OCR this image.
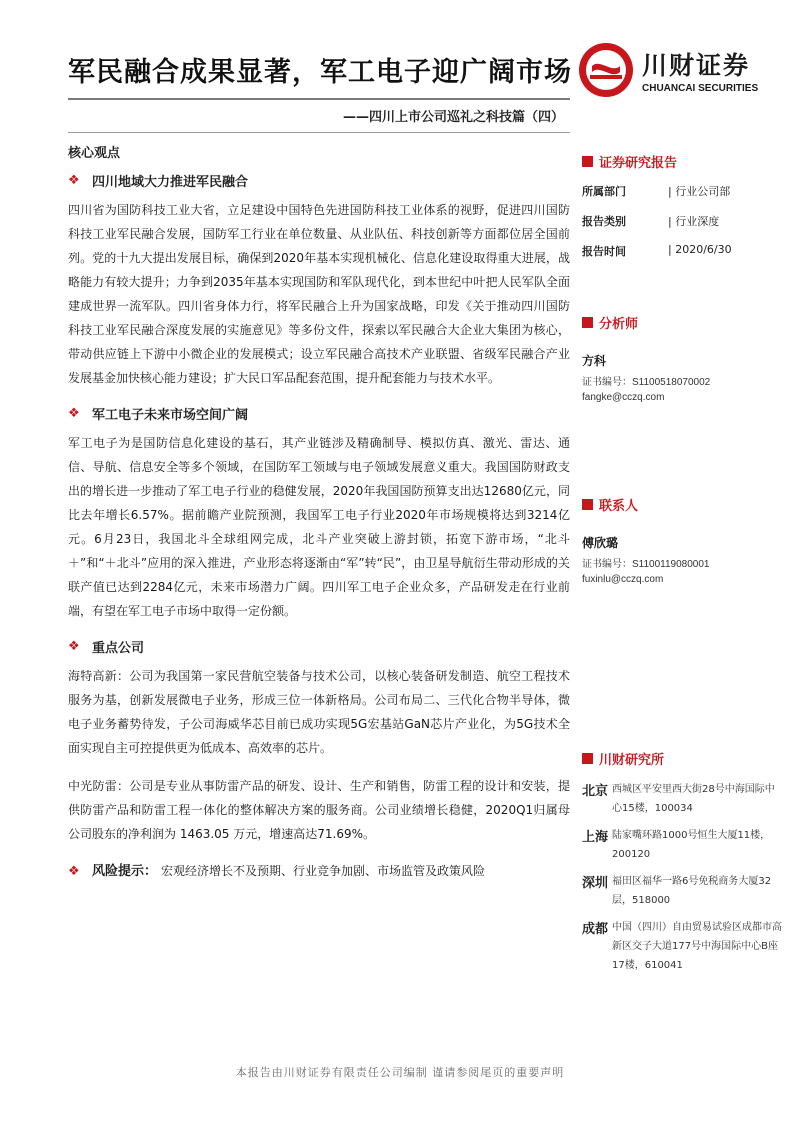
军民融合成果显著，军工电子迎广阔市场
——四川上市公司巡礼之科技篇（四）
川财证券
CHUANCAI SECURITIES
核心观点
❖ 四川地域大力推进军民融合

四川省为国防科技工业大省，立足建设中国特色先进国防科技工业体系的视野，促进四川国防科技工业军民融合发展，国防军工行业在单位数量、从业队伍、科技创新等方面都位居全国前列。党的十九大提出发展目标，确保到2020年基本实现机械化、信息化建设取得重大进展，战略能力有较大提升；力争到2035年基本实现国防和军队现代化，到本世纪中叶把人民军队全面建成世界一流军队。四川省身体力行，将军民融合上升为国家战略，印发《关于推动四川国防科技工业军民融合深度发展的实施意见》等多份文件，探索以军民融合大企业大集团为核心，带动供应链上下游中小微企业的发展模式；设立军民融合高技术产业联盟、省级军民融合产业发展基金加快核心能力建设；扩大民口军品配套范围，提升配套能力与技术水平。

❖ 军工电子未来市场空间广阔

军工电子为是国防信息化建设的基石，其产业链涉及精确制导、模拟仿真、激光、雷达、通信、导航、信息安全等多个领域，在国防军工领域与电子领域发展意义重大。我国国防财政支出的增长进一步推动了军工电子行业的稳健发展，2020年我国国防预算支出达12680亿元，同比去年增长6.57%。据前瞻产业院预测，我国军工电子行业2020年市场规模将达到3214亿元。6月23日，我国北斗全球组网完成，北斗产业突破上游封锁，拓宽下游市场，“北斗＋”和“＋北斗”应用的深入推进，产业形态将逐渐由“军”转“民”，由卫星导航衍生带动形成的关联产值已达到2284亿元，未来市场潜力广阔。四川军工电子企业众多，产品研发走在行业前端，有望在军工电子市场中取得一定份额。

❖ 重点公司

海特高新：公司为我国第一家民营航空装备与技术公司，以核心装备研发制造、航空工程技术服务为基，创新发展微电子业务，形成三位一体新格局。公司布局二、三代化合物半导体，微电子业务蓄势待发，子公司海威华芯目前已成功实现5G宏基站GaN芯片产业化，为5G技术全面实现自主可控提供更为低成本、高效率的芯片。

中光防雷：公司是专业从事防雷产品的研发、设计、生产和销售，防雷工程的设计和安装，提供防雷产品和防雷工程一体化的整体解决方案的服务商。公司业绩增长稳健，2020Q1归属母公司股东的净利润为 1463.05 万元，增速高达71.69%。

❖ 风险提示： 宏观经济增长不及预期、行业竞争加剧、市场监管及政策风险
证券研究报告
所属部门	| 行业公司部
报告类别	| 行业深度
报告时间	| 2020/6/30
分析师
方科
证书编号：S1100518070002
fangke@cczq.com
联系人
傅欣璐
证书编号：S1100119080001
fuxinlu@cczq.com
川财研究所
北京 西城区平安里西大街28号中海国际中心15楼，100034
上海 陆家嘴环路1000号恒生大厦11楼，200120
深圳 福田区福华一路6号免税商务大厦32层，518000
成都 中国（四川）自由贸易试验区成都市高新区交子大道177号中海国际中心B座17楼，610041
本报告由川财证券有限责任公司编制 谨请参阅尾页的重要声明
